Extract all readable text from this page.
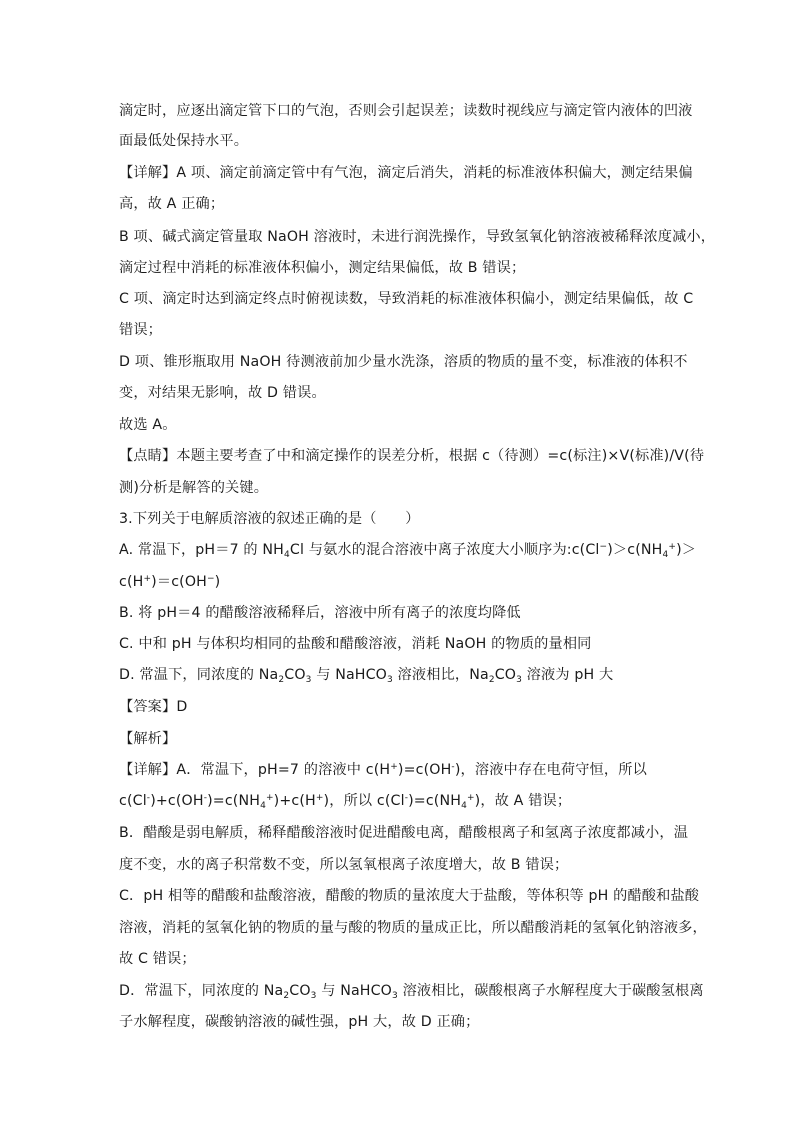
滴定时，应逐出滴定管下口的气泡，否则会引起误差；读数时视线应与滴定管内液体的凹液
面最低处保持水平。
【详解】A 项、滴定前滴定管中有气泡，滴定后消失，消耗的标准液体积偏大，测定结果偏
高，故 A 正确；
B 项、碱式滴定管量取 NaOH 溶液时，未进行润洗操作，导致氢氧化钠溶液被稀释浓度减小，
滴定过程中消耗的标准液体积偏小，测定结果偏低，故 B 错误；
C 项、滴定时达到滴定终点时俯视读数，导致消耗的标准液体积偏小，测定结果偏低，故 C
错误；
D 项、锥形瓶取用 NaOH 待测液前加少量水洗涤，溶质的物质的量不变，标准液的体积不
变，对结果无影响，故 D 错误。
故选 A。
【点睛】本题主要考查了中和滴定操作的误差分析，根据 c（待测）=c(标注)×V(标准)/V(待
测)分析是解答的关键。
3.下列关于电解质溶液的叙述正确的是（　　）
A. 常温下，pH＝7 的 $NH_4Cl$ 与氨水的混合溶液中离子浓度大小顺序为$:c(Cl^-)>c(NH_4^+)>$
c(H+)＝c(OH−)
B. 将 pH＝4 的醋酸溶液稀释后，溶液中所有离子的浓度均降低
C. 中和 pH 与体积均相同的盐酸和醋酸溶液，消耗 NaOH 的物质的量相同
D. 常温下，同浓度的 $Na_2CO_3$ 与 NaHCO$_3$ 溶液相比，$Na_2CO_3$ 溶液为 pH 大
【答案】D
【解析】
【详解】A．常温下，pH=7 的溶液中 c(H+)=c(OH-)，溶液中存在电荷守恒，所以
$c(Cl^-)+c(OH^-)=c(NH_4^+)+c(H^+)$，所以 $c(Cl^-)=c(NH_4^+)$，故 A 错误；
B．醋酸是弱电解质，稀释醋酸溶液时促进醋酸电离，醋酸根离子和氢离子浓度都减小，温
度不变，水的离子积常数不变，所以氢氧根离子浓度增大，故 B 错误；
C．pH 相等的醋酸和盐酸溶液，醋酸的物质的量浓度大于盐酸，等体积等 pH 的醋酸和盐酸
溶液，消耗的氢氧化钠的物质的量与酸的物质的量成正比，所以醋酸消耗的氢氧化钠溶液多，
故 C 错误；
D．常温下，同浓度的 $Na_2CO_3$ 与 NaHCO$_3$ 溶液相比，碳酸根离子水解程度大于碳酸氢根离
子水解程度，碳酸钠溶液的碱性强，pH 大，故 D 正确；
